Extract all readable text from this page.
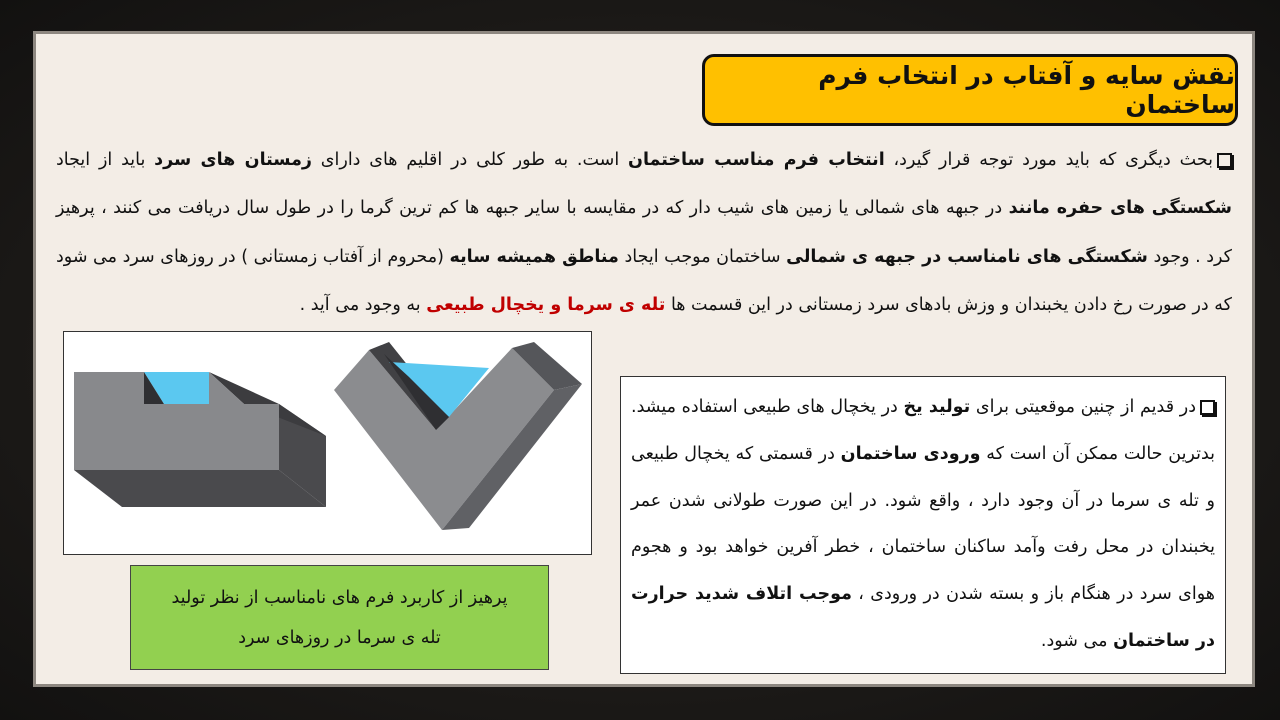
نقش سایه و آفتاب در انتخاب فرم ساختمان
بحث دیگری که باید مورد توجه قرار گیرد، انتخاب فرم مناسب ساختمان است. به طور کلی در اقلیم های دارای زمستان های سرد باید از ایجاد شکستگی های حفره مانند در جبهه های شمالی یا زمین های شیب دار که در مقایسه با سایر جبهه ها کم ترین گرما را در طول سال دریافت می کنند ، پرهیز کرد . وجود شکستگی های نامناسب در جبهه ی شمالی ساختمان موجب ایجاد مناطق همیشه سایه (محروم از آفتاب زمستانی ) در روزهای سرد می شود که در صورت رخ دادن یخبندان و وزش بادهای سرد زمستانی در این قسمت ها تله ی سرما و یخچال طبیعی به وجود می آید .
پرهیز از کاربرد فرم های نامناسب از نظر تولید
تله ی سرما در روزهای سرد
در قدیم از چنین موقعیتی برای تولید یخ در یخچال های طبیعی استفاده میشد. بدترین حالت ممکن آن است که ورودی ساختمان در قسمتی که یخچال طبیعی و تله ی سرما در آن وجود دارد ، واقع شود. در این صورت طولانی شدن عمر یخبندان در محل رفت وآمد ساکنان ساختمان ، خطر آفرین خواهد بود و هجوم هوای سرد در هنگام باز و بسته شدن در ورودی ، موجب اتلاف شدید حرارت در ساختمان می شود.
